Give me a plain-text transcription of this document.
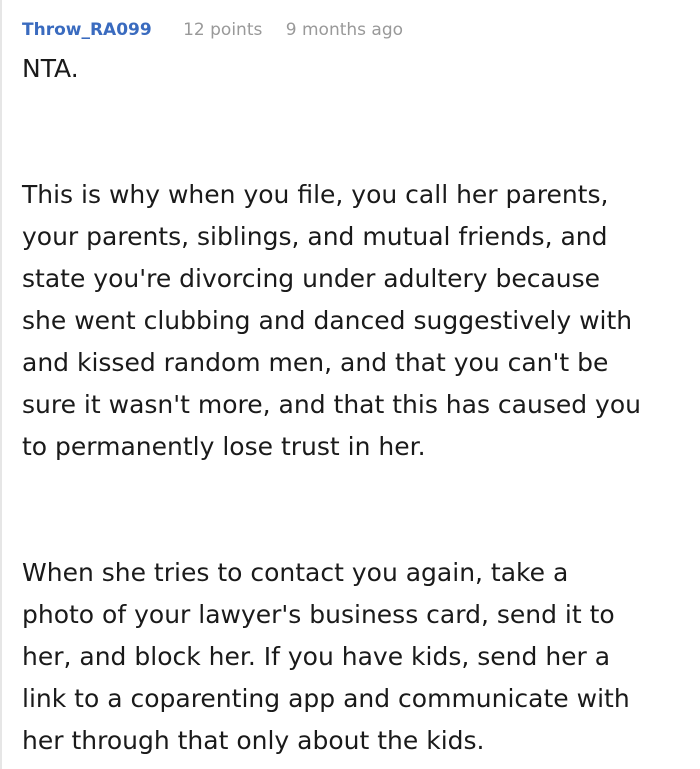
Throw_RA099 12 points 9 months ago
NTA.
This is why when you file, you call her parents,
your parents, siblings, and mutual friends, and
state you're divorcing under adultery because
she went clubbing and danced suggestively with
and kissed random men, and that you can't be
sure it wasn't more, and that this has caused you
to permanently lose trust in her.
When she tries to contact you again, take a
photo of your lawyer's business card, send it to
her, and block her. If you have kids, send her a
link to a coparenting app and communicate with
her through that only about the kids.
